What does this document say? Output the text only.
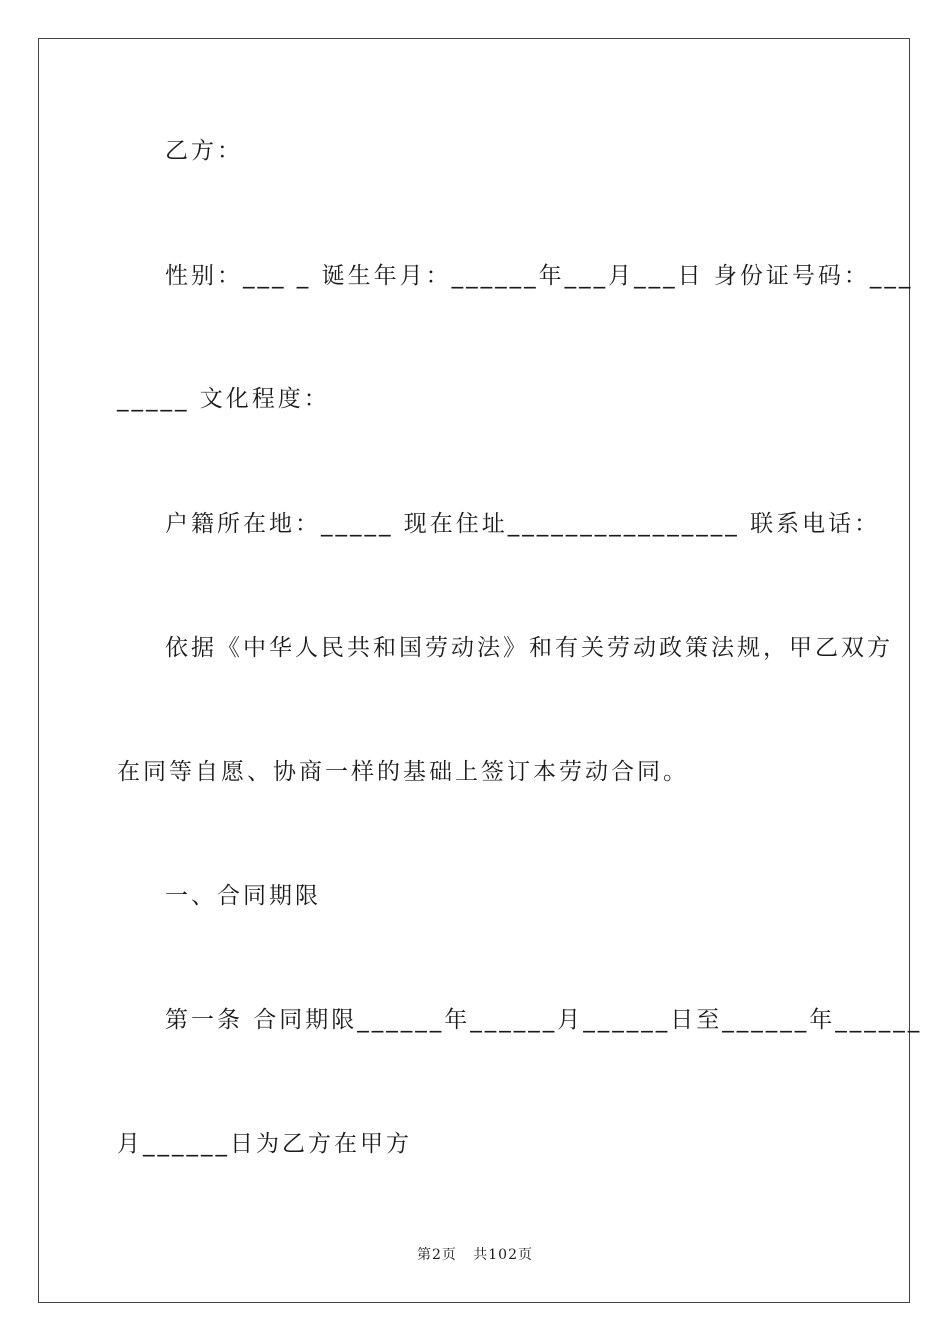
乙方：
性别：___ _ 诞生年月：______年___月___日 身份证号码：___
_____ 文化程度：
户籍所在地：_____ 现在住址________________ 联系电话：
依据《中华人民共和国劳动法》和有关劳动政策法规，甲乙双方
在同等自愿、协商一样的基础上签订本劳动合同。
一、合同期限
第一条 合同期限______年______月______日至______年______
月______日为乙方在甲方
第2页   共102页
